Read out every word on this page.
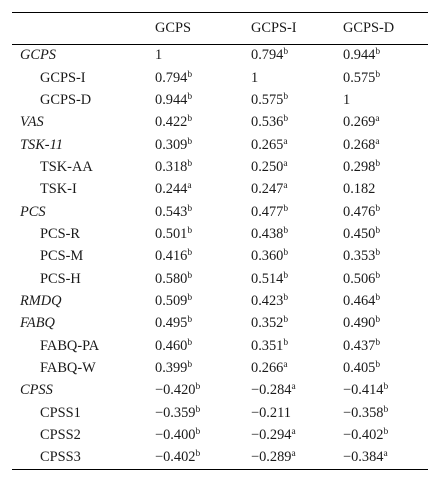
	GCPS	GCPS-I	GCPS-D
GCPS	1	0.794$^b$	0.944$^b$
GCPS-I	0.794$^b$	1	0.575$^b$
GCPS-D	0.944$^b$	0.575$^b$	1
VAS	0.422$^b$	0.536$^b$	0.269$^a$
TSK-11	0.309$^b$	0.265$^a$	0.268$^a$
TSK-AA	0.318$^b$	0.250$^a$	0.298$^b$
TSK-I	0.244$^a$	0.247$^a$	0.182
PCS	0.543$^b$	0.477$^b$	0.476$^b$
PCS-R	0.501$^b$	0.438$^b$	0.450$^b$
PCS-M	0.416$^b$	0.360$^b$	0.353$^b$
PCS-H	0.580$^b$	0.514$^b$	0.506$^b$
RMDQ	0.509$^b$	0.423$^b$	0.464$^b$
FABQ	0.495$^b$	0.352$^b$	0.490$^b$
FABQ-PA	0.460$^b$	0.351$^b$	0.437$^b$
FABQ-W	0.399$^b$	0.266$^a$	0.405$^b$
CPSS	−0.420$^b$	−0.284$^a$	−0.414$^b$
CPSS1	−0.359$^b$	−0.211	−0.358$^b$
CPSS2	−0.400$^b$	−0.294$^a$	−0.402$^b$
CPSS3	−0.402$^b$	−0.289$^a$	−0.384$^a$
